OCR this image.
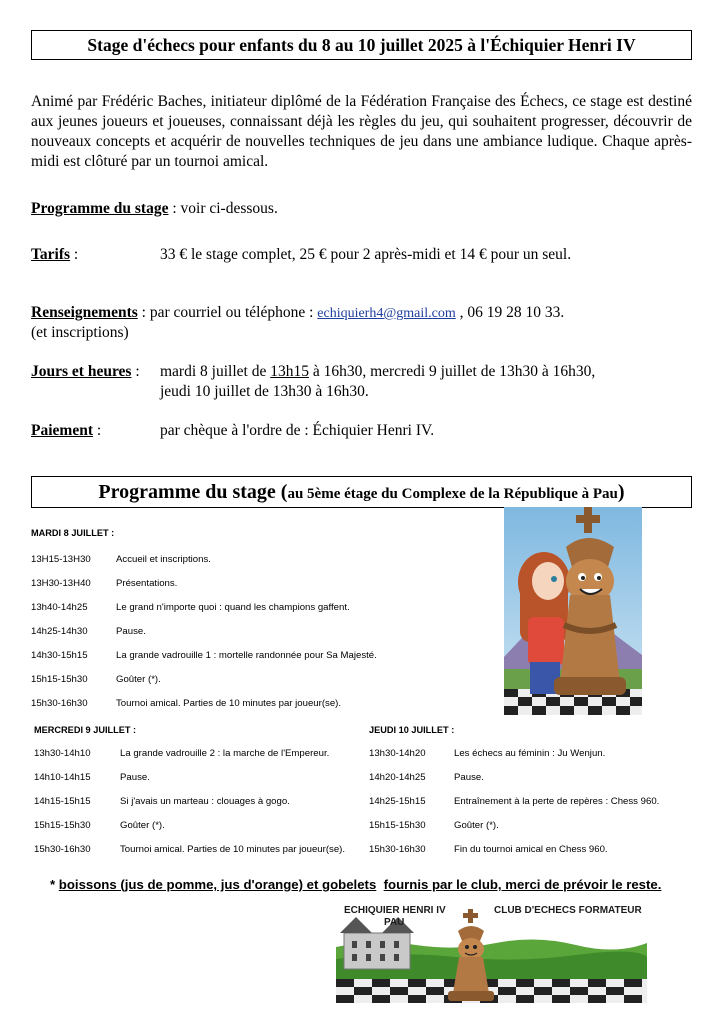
Stage d'échecs pour enfants du 8 au 10 juillet 2025 à l'Échiquier Henri IV
Animé par Frédéric Baches, initiateur diplômé de la Fédération Française des Échecs, ce stage est destiné aux jeunes joueurs et joueuses, connaissant déjà les règles du jeu, qui souhaitent progresser, découvrir de nouveaux concepts et acquérir de nouvelles techniques de jeu dans une ambiance ludique. Chaque après-midi est clôturé par un tournoi amical.
Programme du stage : voir ci-dessous.
Tarifs :	33 € le stage complet, 25 € pour 2 après-midi et 14 € pour un seul.
Renseignements : par courriel ou téléphone : echiquierh4@gmail.com , 06 19 28 10 33.
(et inscriptions)
Jours et heures : mardi 8 juillet de 13h15 à 16h30, mercredi 9 juillet de 13h30 à 16h30,
jeudi 10 juillet de 13h30 à 16h30.
Paiement :	par chèque à l'ordre de : Échiquier Henri IV.
Programme du stage (au 5ème étage du Complexe de la République à Pau)
MARDI 8 JUILLET :
13H15-13H30	Accueil et inscriptions.
13H30-13H40	Présentations.
13h40-14h25	Le grand n'importe quoi : quand les champions gaffent.
14h25-14h30	Pause.
14h30-15h15	La grande vadrouille 1 : mortelle randonnée pour Sa Majesté.
15h15-15h30	Goûter (*).
15h30-16h30	Tournoi amical. Parties de 10 minutes par joueur(se).
MERCREDI 9 JUILLET :
13h30-14h10	La grande vadrouille 2 : la marche de l'Empereur.
14h10-14h15	Pause.
14h15-15h15	Si j'avais un marteau : clouages à gogo.
15h15-15h30	Goûter (*).
15h30-16h30	Tournoi amical. Parties de 10 minutes par joueur(se).
JEUDI 10 JUILLET :
13h30-14h20	Les échecs au féminin : Ju Wenjun.
14h20-14h25	Pause.
14h25-15h15	Entraînement à la perte de repères : Chess 960.
15h15-15h30	Goûter (*).
15h30-16h30	Fin du tournoi amical en Chess 960.
* boissons (jus de pomme, jus d'orange) et gobelets fournis par le club, merci de prévoir le reste.
ECHIQUIER HENRI IV
PAU
CLUB D'ECHECS FORMATEUR
